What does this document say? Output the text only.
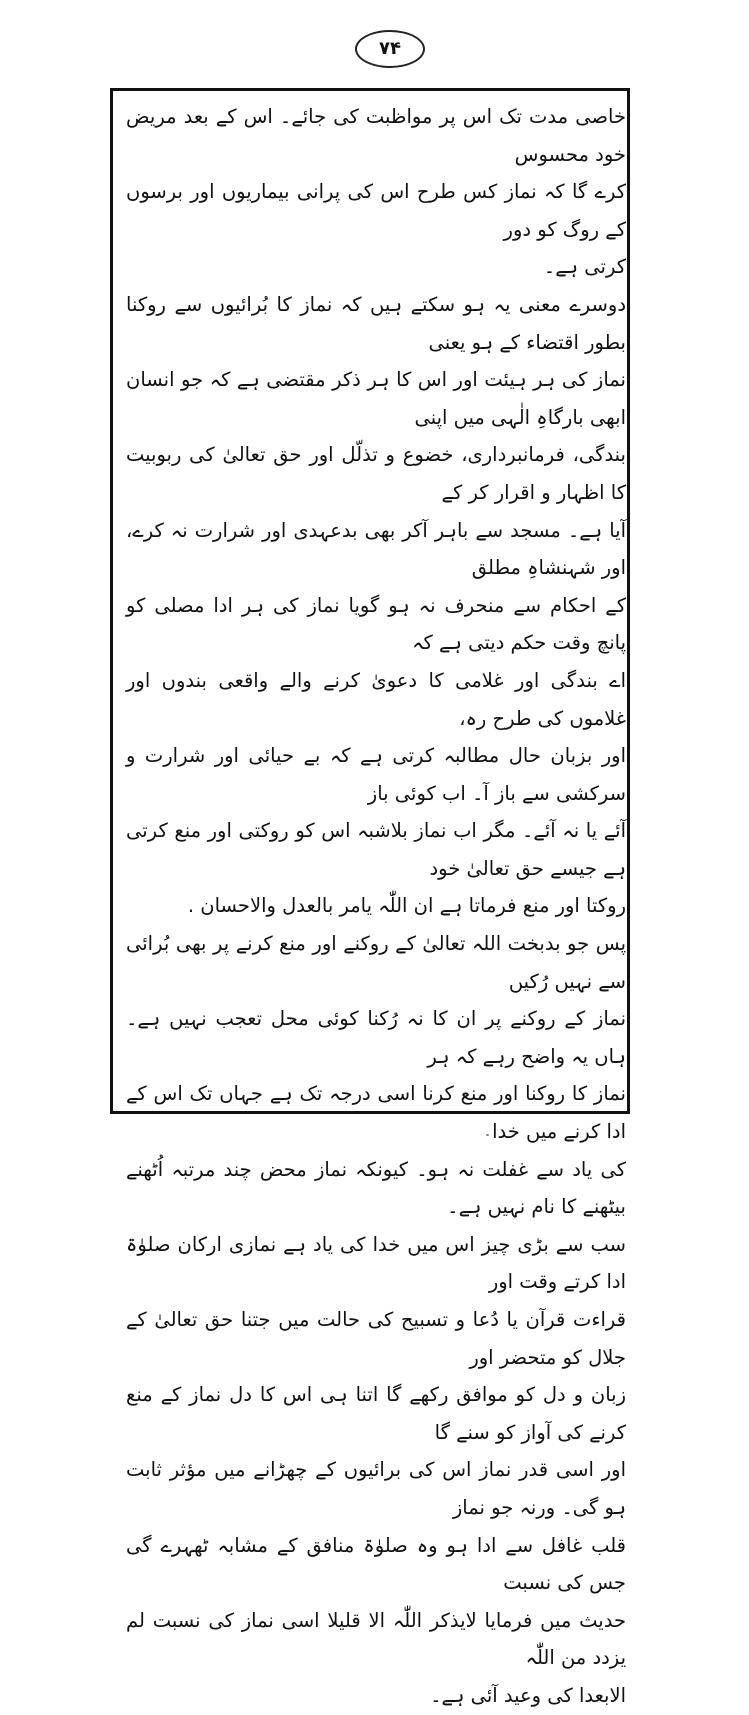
۷۴

خاصی مدت تک اس پر مواظبت کی جائے۔ اس کے بعد مریض خود محسوس

کرے گا کہ نماز کس طرح اس کی پرانی بیماریوں اور برسوں کے روگ کو دور

کرتی ہے۔

دوسرے معنی یہ ہو سکتے ہیں کہ نماز کا بُرائیوں سے روکنا بطور اقتضاء کے ہو یعنی

نماز کی ہر ہیئت اور اس کا ہر ذکر مقتضی ہے کہ جو انسان ابھی بارگاہِ الٰہی میں اپنی

بندگی، فرمانبرداری، خضوع و تذلّل اور حق تعالیٰ کی ربوبیت کا اظہار و اقرار کر کے

آیا ہے۔ مسجد سے باہر آکر بھی بدعہدی اور شرارت نہ کرے، اور شہنشاہِ مطلق

کے احکام سے منحرف نہ ہو گویا نماز کی ہر ادا مصلی کو پانچ وقت حکم دیتی ہے کہ

اے بندگی اور غلامی کا دعویٰ کرنے والے واقعی بندوں اور غلاموں کی طرح رہ،

اور بزبان حال مطالبہ کرتی ہے کہ بے حیائی اور شرارت و سرکشی سے باز آ۔ اب کوئی باز

آئے یا نہ آئے۔ مگر اب نماز بلاشبہ اس کو روکتی اور منع کرتی ہے جیسے حق تعالیٰ خود

روکتا اور منع فرماتا ہے ان اللّٰہ یامر بالعدل والاحسان .

پس جو بدبخت اللہ تعالیٰ کے روکنے اور منع کرنے پر بھی بُرائی سے نہیں رُکیں

نماز کے روکنے پر ان کا نہ رُکنا کوئی محل تعجب نہیں ہے۔ ہاں یہ واضح رہے کہ ہر

نماز کا روکنا اور منع کرنا اسی درجہ تک ہے جہاں تک اس کے ادا کرنے میں خدا

کی یاد سے غفلت نہ ہو۔ کیونکہ نماز محض چند مرتبہ اُٹھنے بیٹھنے کا نام نہیں ہے۔

سب سے بڑی چیز اس میں خدا کی یاد ہے نمازی ارکان صلوٰۃ ادا کرتے وقت اور

قراءت قرآن یا دُعا و تسبیح کی حالت میں جتنا حق تعالیٰ کے جلال کو متحضر اور

زبان و دل کو موافق رکھے گا اتنا ہی اس کا دل نماز کے منع کرنے کی آواز کو سنے گا

اور اسی قدر نماز اس کی برائیوں کے چھڑانے میں مؤثر ثابت ہو گی۔ ورنہ جو نماز

قلب غافل سے ادا ہو وہ صلوٰۃ منافق کے مشابہ ٹھہرے گی جس کی نسبت

حدیث میں فرمایا لایذکر اللّٰہ الا قلیلا اسی نماز کی نسبت لم یزدد من اللّٰہ

الابعدا کی وعید آئی ہے۔
